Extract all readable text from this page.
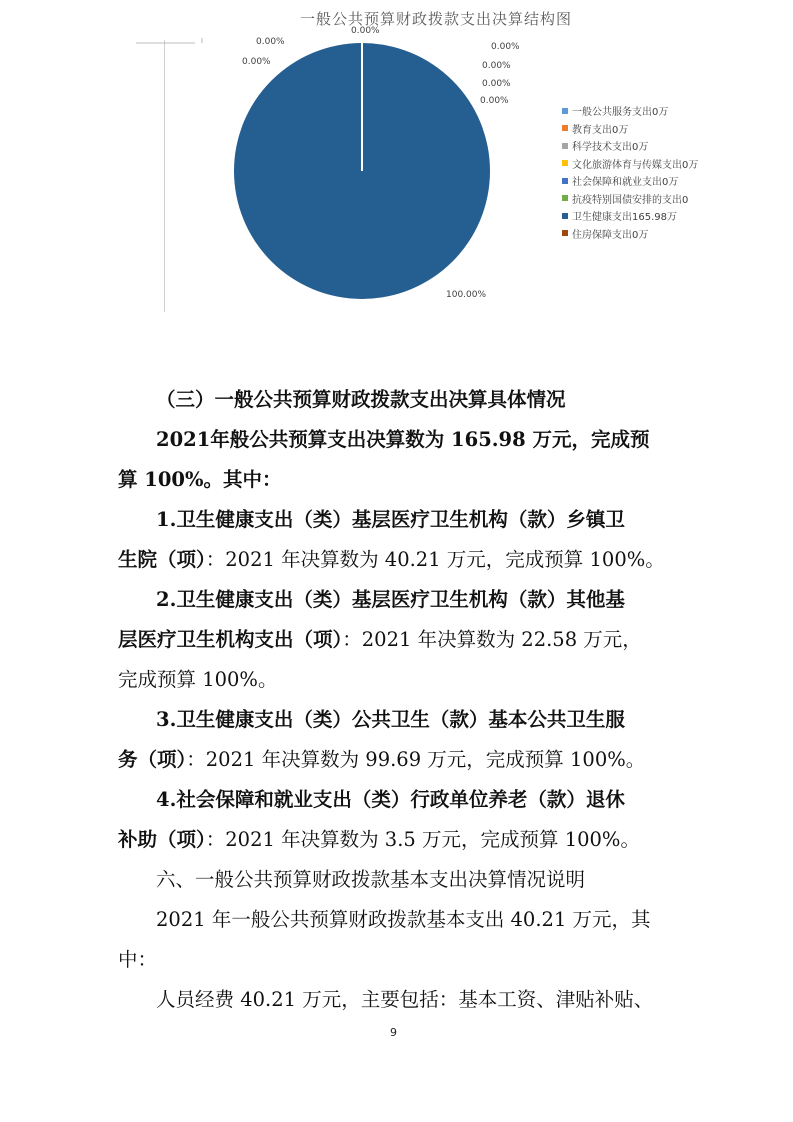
一般公共预算财政拨款支出决算结构图
0.00%
0.00%
0.00%
0.00%
0.00%
0.00%
0.00%
100.00%
一般公共服务支出0万
教育支出0万
科学技术支出0万
文化旅游体育与传媒支出0万
社会保障和就业支出0万
抗疫特别国债安排的支出0
卫生健康支出165.98万
住房保障支出0万
（三）一般公共预算财政拨款支出决算具体情况
2021年般公共预算支出决算数为 165.98 万元，完成预
算 100%。其中：
1.卫生健康支出（类）基层医疗卫生机构（款）乡镇卫
生院（项）：2021 年决算数为 40.21 万元，完成预算 100%。
2.卫生健康支出（类）基层医疗卫生机构（款）其他基
层医疗卫生机构支出（项）：2021 年决算数为 22.58 万元，
完成预算 100%。
3.卫生健康支出（类）公共卫生（款）基本公共卫生服
务（项）：2021 年决算数为 99.69 万元，完成预算 100%。
4.社会保障和就业支出（类）行政单位养老（款）退休
补助（项）：2021 年决算数为 3.5 万元，完成预算 100%。
六、一般公共预算财政拨款基本支出决算情况说明
2021 年一般公共预算财政拨款基本支出 40.21 万元，其
中：
人员经费 40.21 万元，主要包括：基本工资、津贴补贴、
9
